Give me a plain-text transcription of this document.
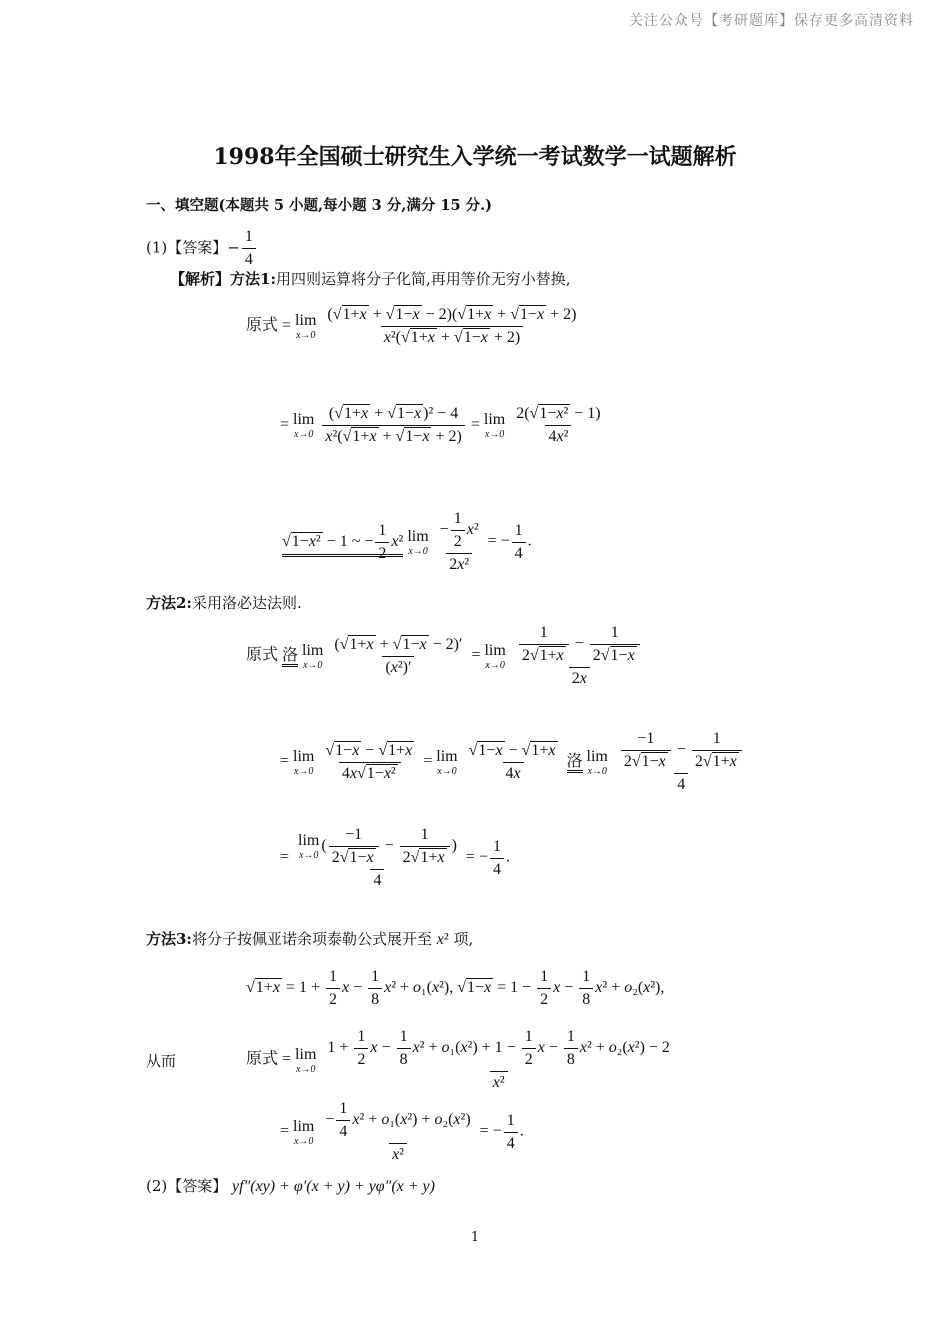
关注公众号【考研题库】保存更多高清资料
1998年全国硕士研究生入学统一考试数学一试题解析
一、填空题(本题共 5 小题,每小题 3 分,满分 15 分.)
(1)【答案】− $\frac{1}{4}$
【解析】方法1:用四则运算将分子化简,再用等价无穷小替换,
原式 = lim
x→0
$\frac{(√1+x + √1-x - 2)(√1+x + √1-x + 2)}{\text{x²(√1+x + √1−x + 2)}}$
= lim
x→0
$\frac{\text{(√1+x + √1−x )² − 4}}{\text{x²(√1+x + √1−x + 2)}} = \lim$
x→0
$\frac{\text{2(√1−x² − 1)}}{\text{4x²}}$
√1−x² − 1 ~ − $\frac{1}{2} x^2$ lim
x→0
$\frac{- \frac{1}{2} x^2}{\text{2x²}}$ = − $\frac{1}{4}$ .
方法2:采用洛必达法则.
原式 洛 lim
x→0
$\frac{(√1+x + √1-x - 2)'}{\text{(x²)′}} = \lim$
x→0
$\frac{\frac{1}{2√1+x} - \frac{1}{2√1-x}}{2x}$
= lim
x→0
$\frac{√1-x - √1+x}{\text{4x√1−x²}} = \lim$
x→0
$\frac{√1-x - √1+x}{4x}$ 洛 lim
x→0
$\frac{\frac{-1}{2√1-x} - \frac{1}{2√1+x}}{4}$
= lim
x→0
( $\frac{-1}{2√1-x} - \frac{1}{2√1+x}$ )
4 = − $\frac{1}{4}$ .
方法3:将分子按佩亚诺余项泰勒公式展开至 x² 项,
$√1+x = 1 + \frac{1}{2}$ $x - \frac{1}{8} x^2 + o_1(x^2)$, $√1-x = 1 - \frac{1}{2}$ $x - \frac{1}{8} x^2 + o_2(x^2)$,
从而	原式 = lim
x→0
$\frac{1 + \frac{1}{2} x - \frac{1}{8} x^2 + o_1(x^2) + 1 - \frac{1}{2} x - \frac{1}{8} x^2 + o_2(x^2) - 2}{\text{x²}}$
= lim
x→0
$\frac{- \frac{1}{4} x^2 + o_1(x^2) + o_2(x^2)}{\text{x²}}$ = − $\frac{1}{4}$ .
(2)【答案】 yf″(xy) + φ′(x + y) + yφ″(x + y)
1
